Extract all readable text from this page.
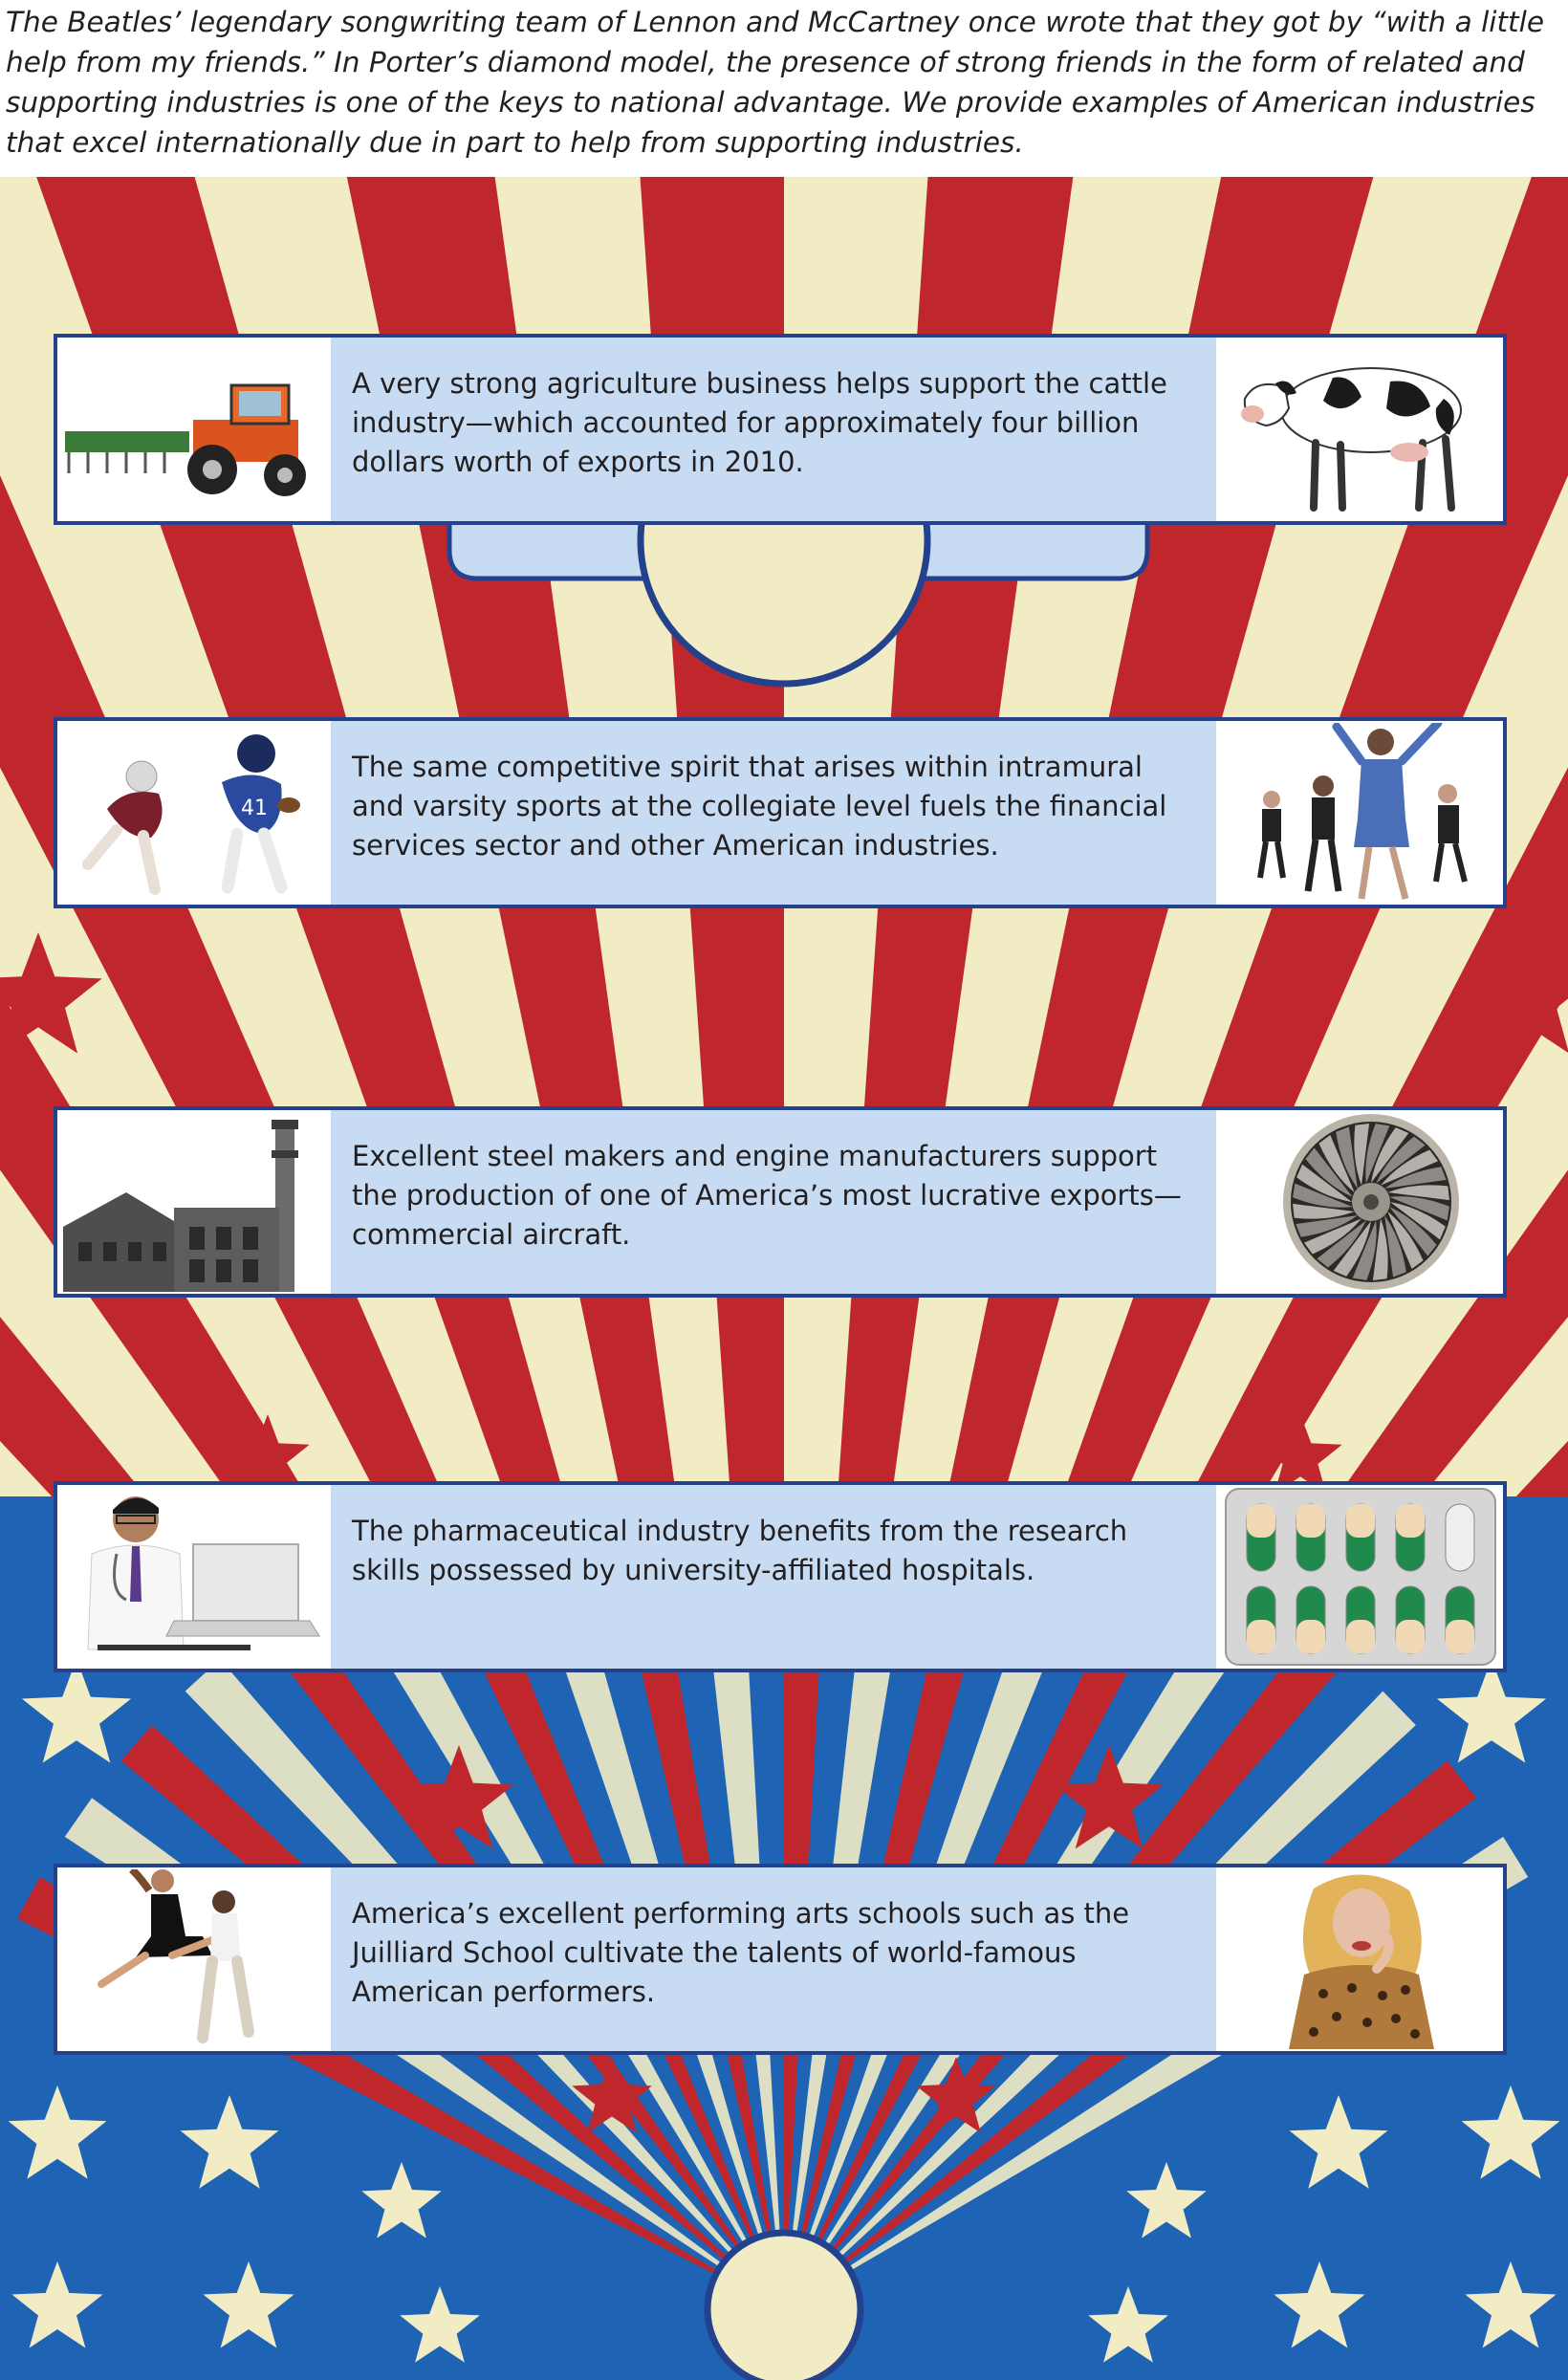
The Beatles’ legendary songwriting team of Lennon and McCartney once wrote that they got by “with a little help from my friends.” In Porter’s diamond model, the presence of strong friends in the form of related and supporting industries is one of the keys to national advantage. We provide examples of American industries that excel internationally due in part to help from supporting industries.
A very strong agriculture business helps support the cattle industry—which accounted for approximately four billion dollars worth of exports in 2010.
41
The same competitive spirit that arises within intramural and varsity sports at the collegiate level fuels the financial services sector and other American industries.
Excellent steel makers and engine manufacturers support the production of one of America’s most lucrative exports—commercial aircraft.
The pharmaceutical industry benefits from the research skills possessed by university-affiliated hospitals.
America’s excellent performing arts schools such as the Juilliard School cultivate the talents of world-famous American performers.
